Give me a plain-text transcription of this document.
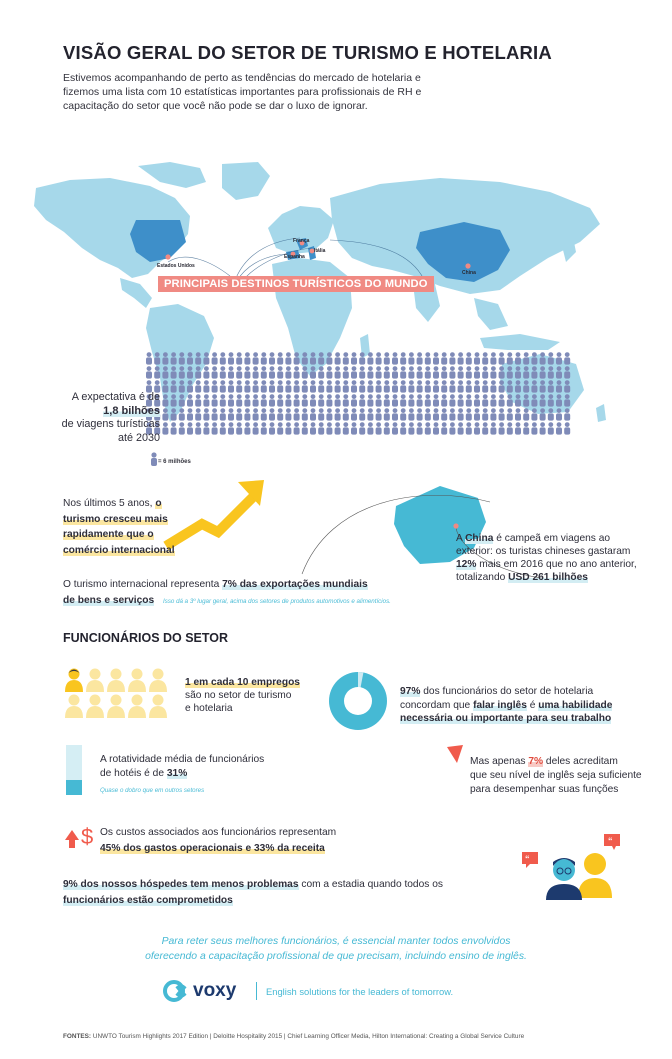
VISÃO GERAL DO SETOR DE TURISMO E HOTELARIA
Estivemos acompanhando de perto as tendências do mercado de hotelaria e fizemos uma lista com 10 estatísticas importantes para profissionais de RH e capacitação do setor que você não pode se dar o luxo de ignorar.
Estados Unidos
França
Espanha
Itália
China
PRINCIPAIS DESTINOS TURÍSTICOS DO MUNDO
A expectativa é de
1,8 bilhões
de viagens turísticas
até 2030
= 6 milhões
Nos últimos 5 anos, o
turismo cresceu mais
rapidamente que o
comércio internacional
A China é campeã em viagens ao exterior: os turistas chineses gastaram 12% mais em 2016 que no ano anterior, totalizando USD 261 bilhões
O turismo internacional representa 7% das exportações mundiais
de bens e serviços Isso dá a 3º lugar geral, acima dos setores de produtos automotivos e alimentícios.
FUNCIONÁRIOS DO SETOR
1 em cada 10 empregos
são no setor de turismo
e hotelaria
97% dos funcionários do setor de hotelaria
concordam que falar inglês é uma habilidade
necessária ou importante para seu trabalho
A rotatividade média de funcionários
de hotéis é de 31%
Quase o dobro que em outros setores
Mas apenas 7% deles acreditam
que seu nível de inglês seja suficiente
para desempenhar suas funções
$ Os custos associados aos funcionários representam
45% dos gastos operacionais e 33% da receita
“
“
9% dos nossos hóspedes tem menos problemas com a estadia quando todos os
funcionários estão comprometidos
Para reter seus melhores funcionários, é essencial manter todos envolvidos
oferecendo a capacitação profissional de que precisam, incluindo ensino de inglês.
voxy	English solutions for the leaders of tomorrow.
FONTES: UNWTO Tourism Highlights 2017 Edition | Deloitte Hospitality 2015 | Chief Learning Officer Media, Hilton International: Creating a Global Service Culture
